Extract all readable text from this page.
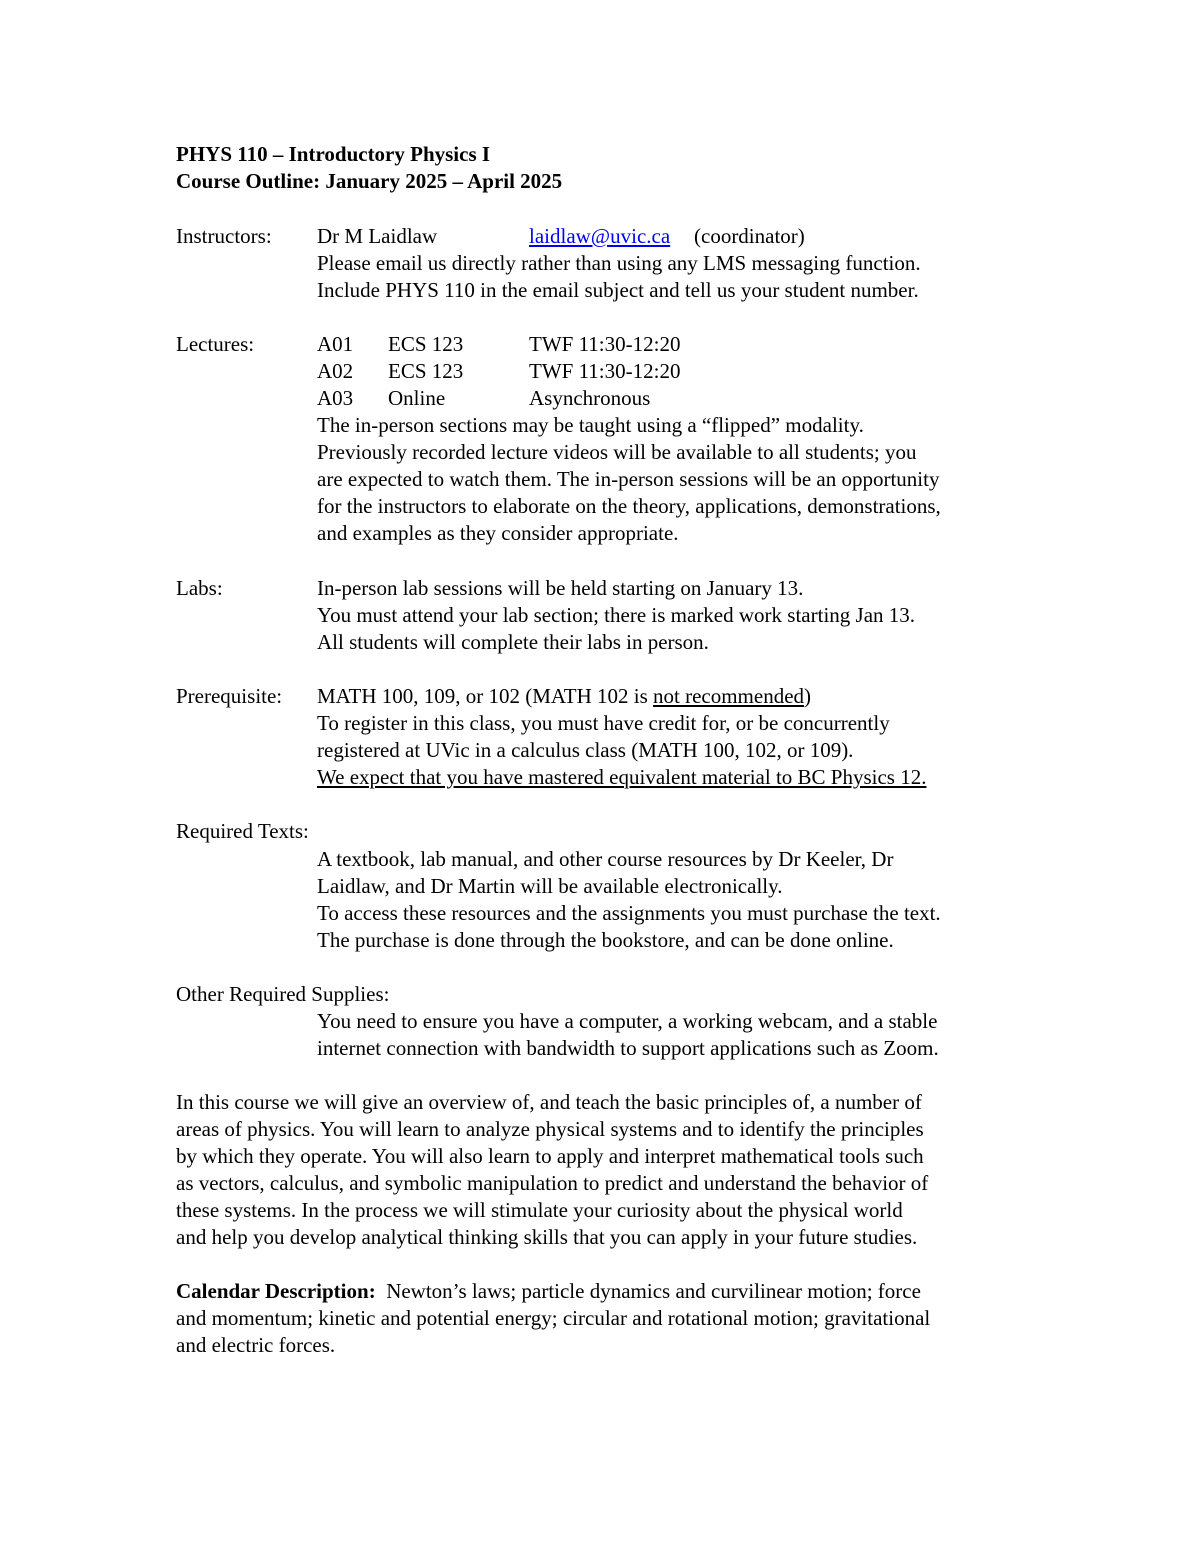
PHYS 110 – Introductory Physics I
Course Outline: January 2025 – April 2025
Instructors: Dr M Laidlaw	laidlaw@uvic.ca (coordinator)
Please email us directly rather than using any LMS messaging function.
Include PHYS 110 in the email subject and tell us your student number.
Lectures:	A01 ECS 123	TWF 11:30-12:20
A02 ECS 123	TWF 11:30-12:20
A03 Online	Asynchronous
The in-person sections may be taught using a “flipped” modality.
Previously recorded lecture videos will be available to all students; you
are expected to watch them. The in-person sessions will be an opportunity
for the instructors to elaborate on the theory, applications, demonstrations,
and examples as they consider appropriate.
Labs:	In-person lab sessions will be held starting on January 13.
You must attend your lab section; there is marked work starting Jan 13.
All students will complete their labs in person.
Prerequisite: MATH 100, 109, or 102 (MATH 102 is not recommended)
To register in this class, you must have credit for, or be concurrently
registered at UVic in a calculus class (MATH 100, 102, or 109).
We expect that you have mastered equivalent material to BC Physics 12.
Required Texts:
A textbook, lab manual, and other course resources by Dr Keeler, Dr
Laidlaw, and Dr Martin will be available electronically.
To access these resources and the assignments you must purchase the text.
The purchase is done through the bookstore, and can be done online.
Other Required Supplies:
You need to ensure you have a computer, a working webcam, and a stable
internet connection with bandwidth to support applications such as Zoom.
In this course we will give an overview of, and teach the basic principles of, a number of
areas of physics. You will learn to analyze physical systems and to identify the principles
by which they operate. You will also learn to apply and interpret mathematical tools such
as vectors, calculus, and symbolic manipulation to predict and understand the behavior of
these systems. In the process we will stimulate your curiosity about the physical world
and help you develop analytical thinking skills that you can apply in your future studies.
Calendar Description:  Newton’s laws; particle dynamics and curvilinear motion; force
and momentum; kinetic and potential energy; circular and rotational motion; gravitational
and electric forces.
